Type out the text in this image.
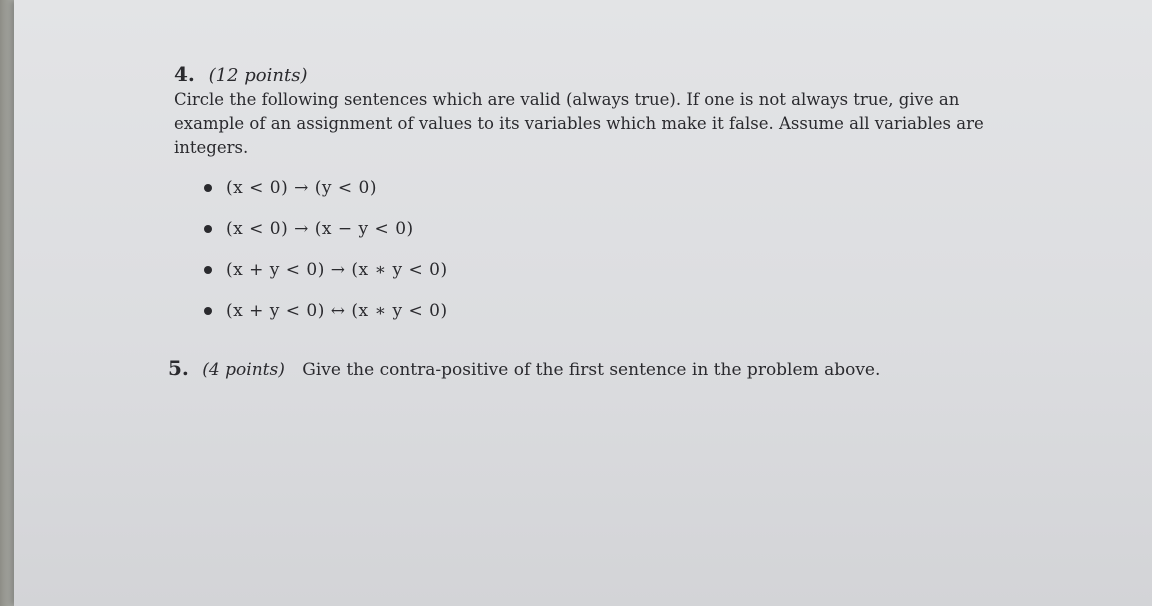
4. (12 points)

Circle the following sentences which are valid (always true). If one is not always true, give an example of an assignment of values to its variables which make it false. Assume all variables are integers.

(x < 0) → (y < 0)
(x < 0) → (x − y < 0)
(x + y < 0) → (x ∗ y < 0)
(x + y < 0) ↔ (x ∗ y < 0)
5. (4 points) Give the contra-positive of the first sentence in the problem above.
